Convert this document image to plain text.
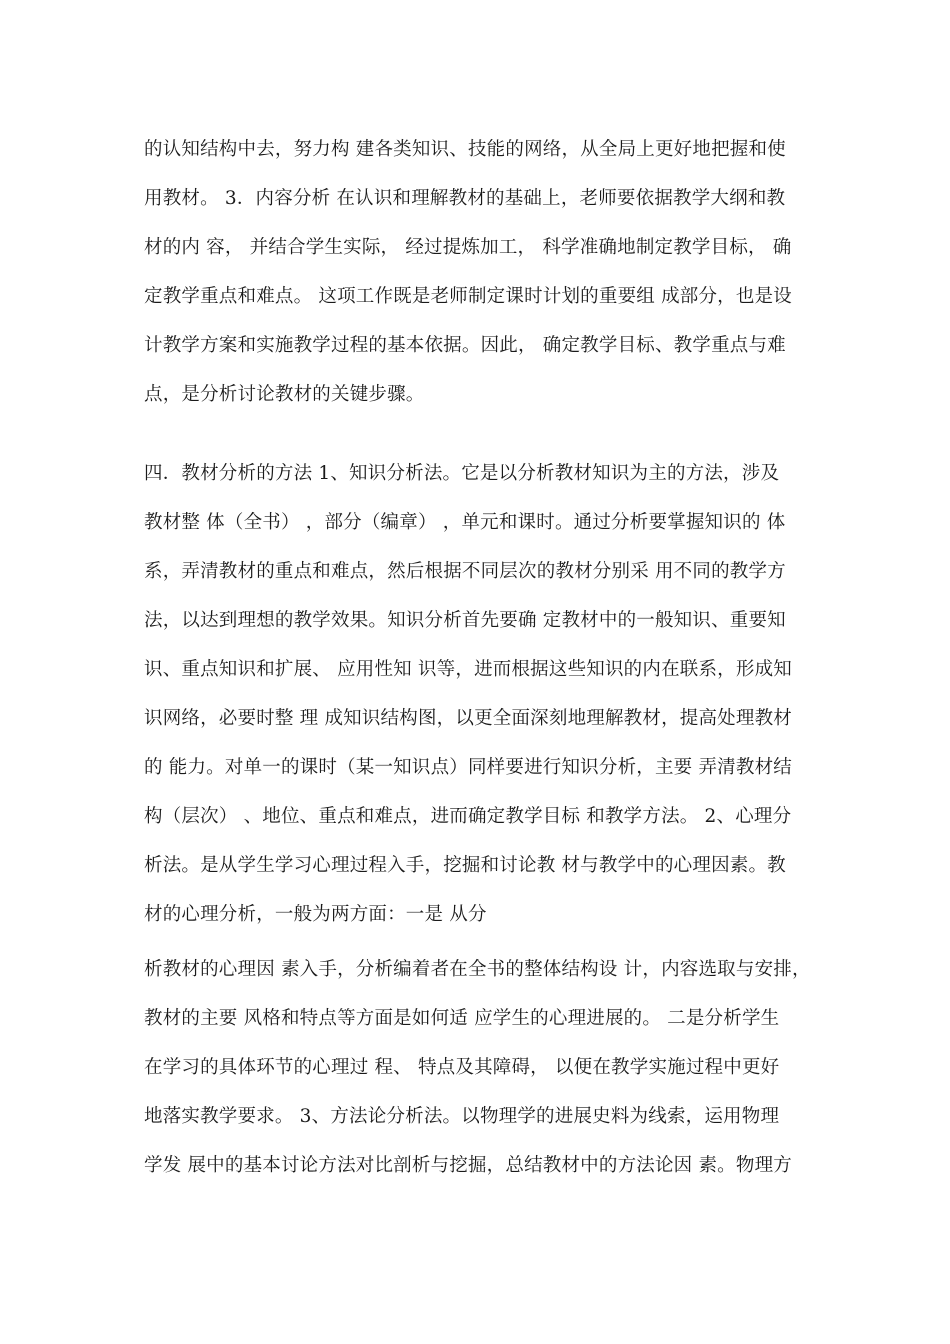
的认知结构中去，努力构 建各类知识、技能的网络，从全局上更好地把握和使
用教材。 3．内容分析 在认识和理解教材的基础上，老师要依据教学大纲和教
材的内 容， 并结合学生实际， 经过提炼加工， 科学准确地制定教学目标， 确
定教学重点和难点。 这项工作既是老师制定课时计划的重要组 成部分，也是设
计教学方案和实施教学过程的基本依据。因此， 确定教学目标、教学重点与难
点，是分析讨论教材的关键步骤。
四．教材分析的方法 1、知识分析法。它是以分析教材知识为主的方法，涉及
教材整 体（全书） ，部分（编章） ，单元和课时。通过分析要掌握知识的 体
系，弄清教材的重点和难点，然后根据不同层次的教材分别采 用不同的教学方
法，以达到理想的教学效果。知识分析首先要确 定教材中的一般知识、重要知
识、重点知识和扩展、 应用性知 识等，进而根据这些知识的内在联系，形成知
识网络，必要时整 理 成知识结构图，以更全面深刻地理解教材，提高处理教材
的 能力。对单一的课时（某一知识点）同样要进行知识分析，主要 弄清教材结
构（层次） 、地位、重点和难点，进而确定教学目标 和教学方法。 2、心理分
析法。是从学生学习心理过程入手，挖掘和讨论教 材与教学中的心理因素。教
材的心理分析，一般为两方面：一是 从分
析教材的心理因 素入手，分析编着者在全书的整体结构设 计，内容选取与安排，
教材的主要 风格和特点等方面是如何适 应学生的心理进展的。 二是分析学生
在学习的具体环节的心理过 程、 特点及其障碍， 以便在教学实施过程中更好
地落实教学要求。 3、方法论分析法。以物理学的进展史料为线索，运用物理
学发 展中的基本讨论方法对比剖析与挖掘，总结教材中的方法论因 素。物理方
